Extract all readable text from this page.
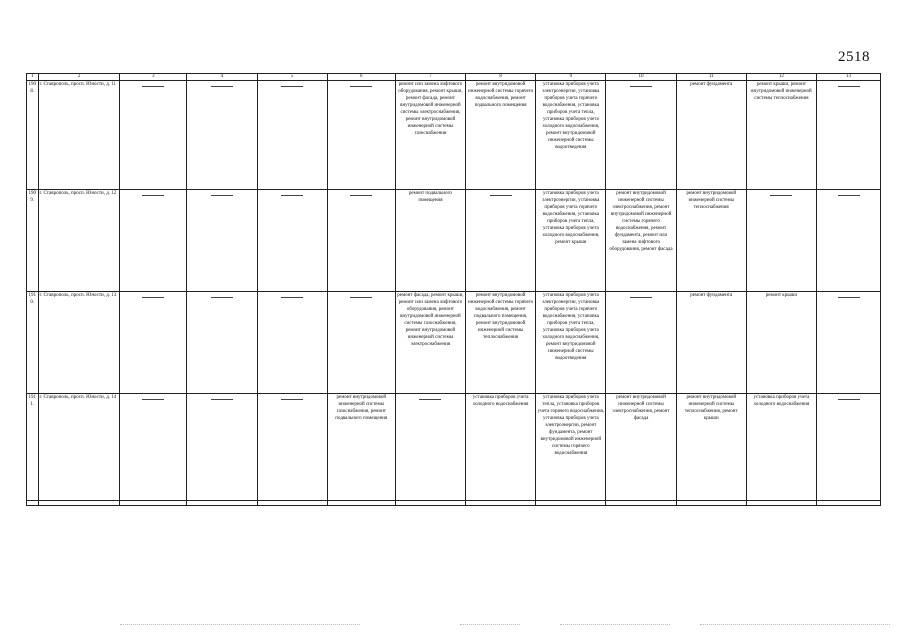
2518
1	2	3	4	5	6	7	8	9	10	11	12	13
1908.	г. Ставрополь, просп. Юности, д. 11					ремонт или замена лифтового оборудования, ремонт крыши, ремонт фасада, ремонт внутридомовой инженерной системы электроснабжения, ремонт внутридомовой инженерной системы газоснабжения	ремонт внутридомовой инженерной системы горячего водоснабжения, ремонт подвального помещения	установка приборов учета электроэнергии, установка приборов учета горячего водоснабжения, установка приборов учета тепла, установка приборов учета холодного водоснабжения, ремонт внутридомовой инженерной системы водоотведения		ремонт фундамента	ремонт крыши, ремонт внутридомовой инженерной системы теплоснабжения	

1909.	г. Ставрополь, просп. Юности, д. 12					ремонт подвального помещения		установка приборов учета электроэнергии, установка приборов учета горячего водоснабжения, установка приборов учета тепла, установка приборов учета холодного водоснабжения, ремонт крыши	ремонт внутридомовой инженерной системы электроснабжения, ремонт внутридомовой инженерной системы горячего водоснабжения, ремонт фундамента, ремонт или замена лифтового оборудования, ремонт фасада	ремонт внутридомовой инженерной системы теплоснабжения	

1910.	г. Ставрополь, просп. Юности, д. 13					ремонт фасада, ремонт крыши, ремонт или замена лифтового оборудования, ремонт внутридомовой инженерной системы газоснабжения, ремонт внутридомовой инженерной системы электроснабжения	ремонт внутридомовой инженерной системы горячего водоснабжения, ремонт подвального помещения, ремонт внутридомовой инженерной системы теплоснабжения	установка приборов учета электроэнергии, установка приборов учета горячего водоснабжения, установка приборов учета тепла, установка приборов учета холодного водоснабжения, ремонт внутридомовой инженерной системы водоотведения		ремонт фундамента	ремонт крыши	

1911.	г. Ставрополь, просп. Юности, д. 14				ремонт внутридомовой инженерной системы газоснабжения, ремонт подвального помещения		установка приборов учета холодного водоснабжения	установка приборов учета тепла, установка приборов учета горячего водоснабжения, установка приборов учета электроэнергии, ремонт фундамента, ремонт внутридомовой инженерной системы горячего водоснабжения	ремонт внутридомовой инженерной системы электроснабжения, ремонт фасада	ремонт внутридомовой инженерной системы теплоснабжения, ремонт крыши	установка приборов учета холодного водоснабжения	
